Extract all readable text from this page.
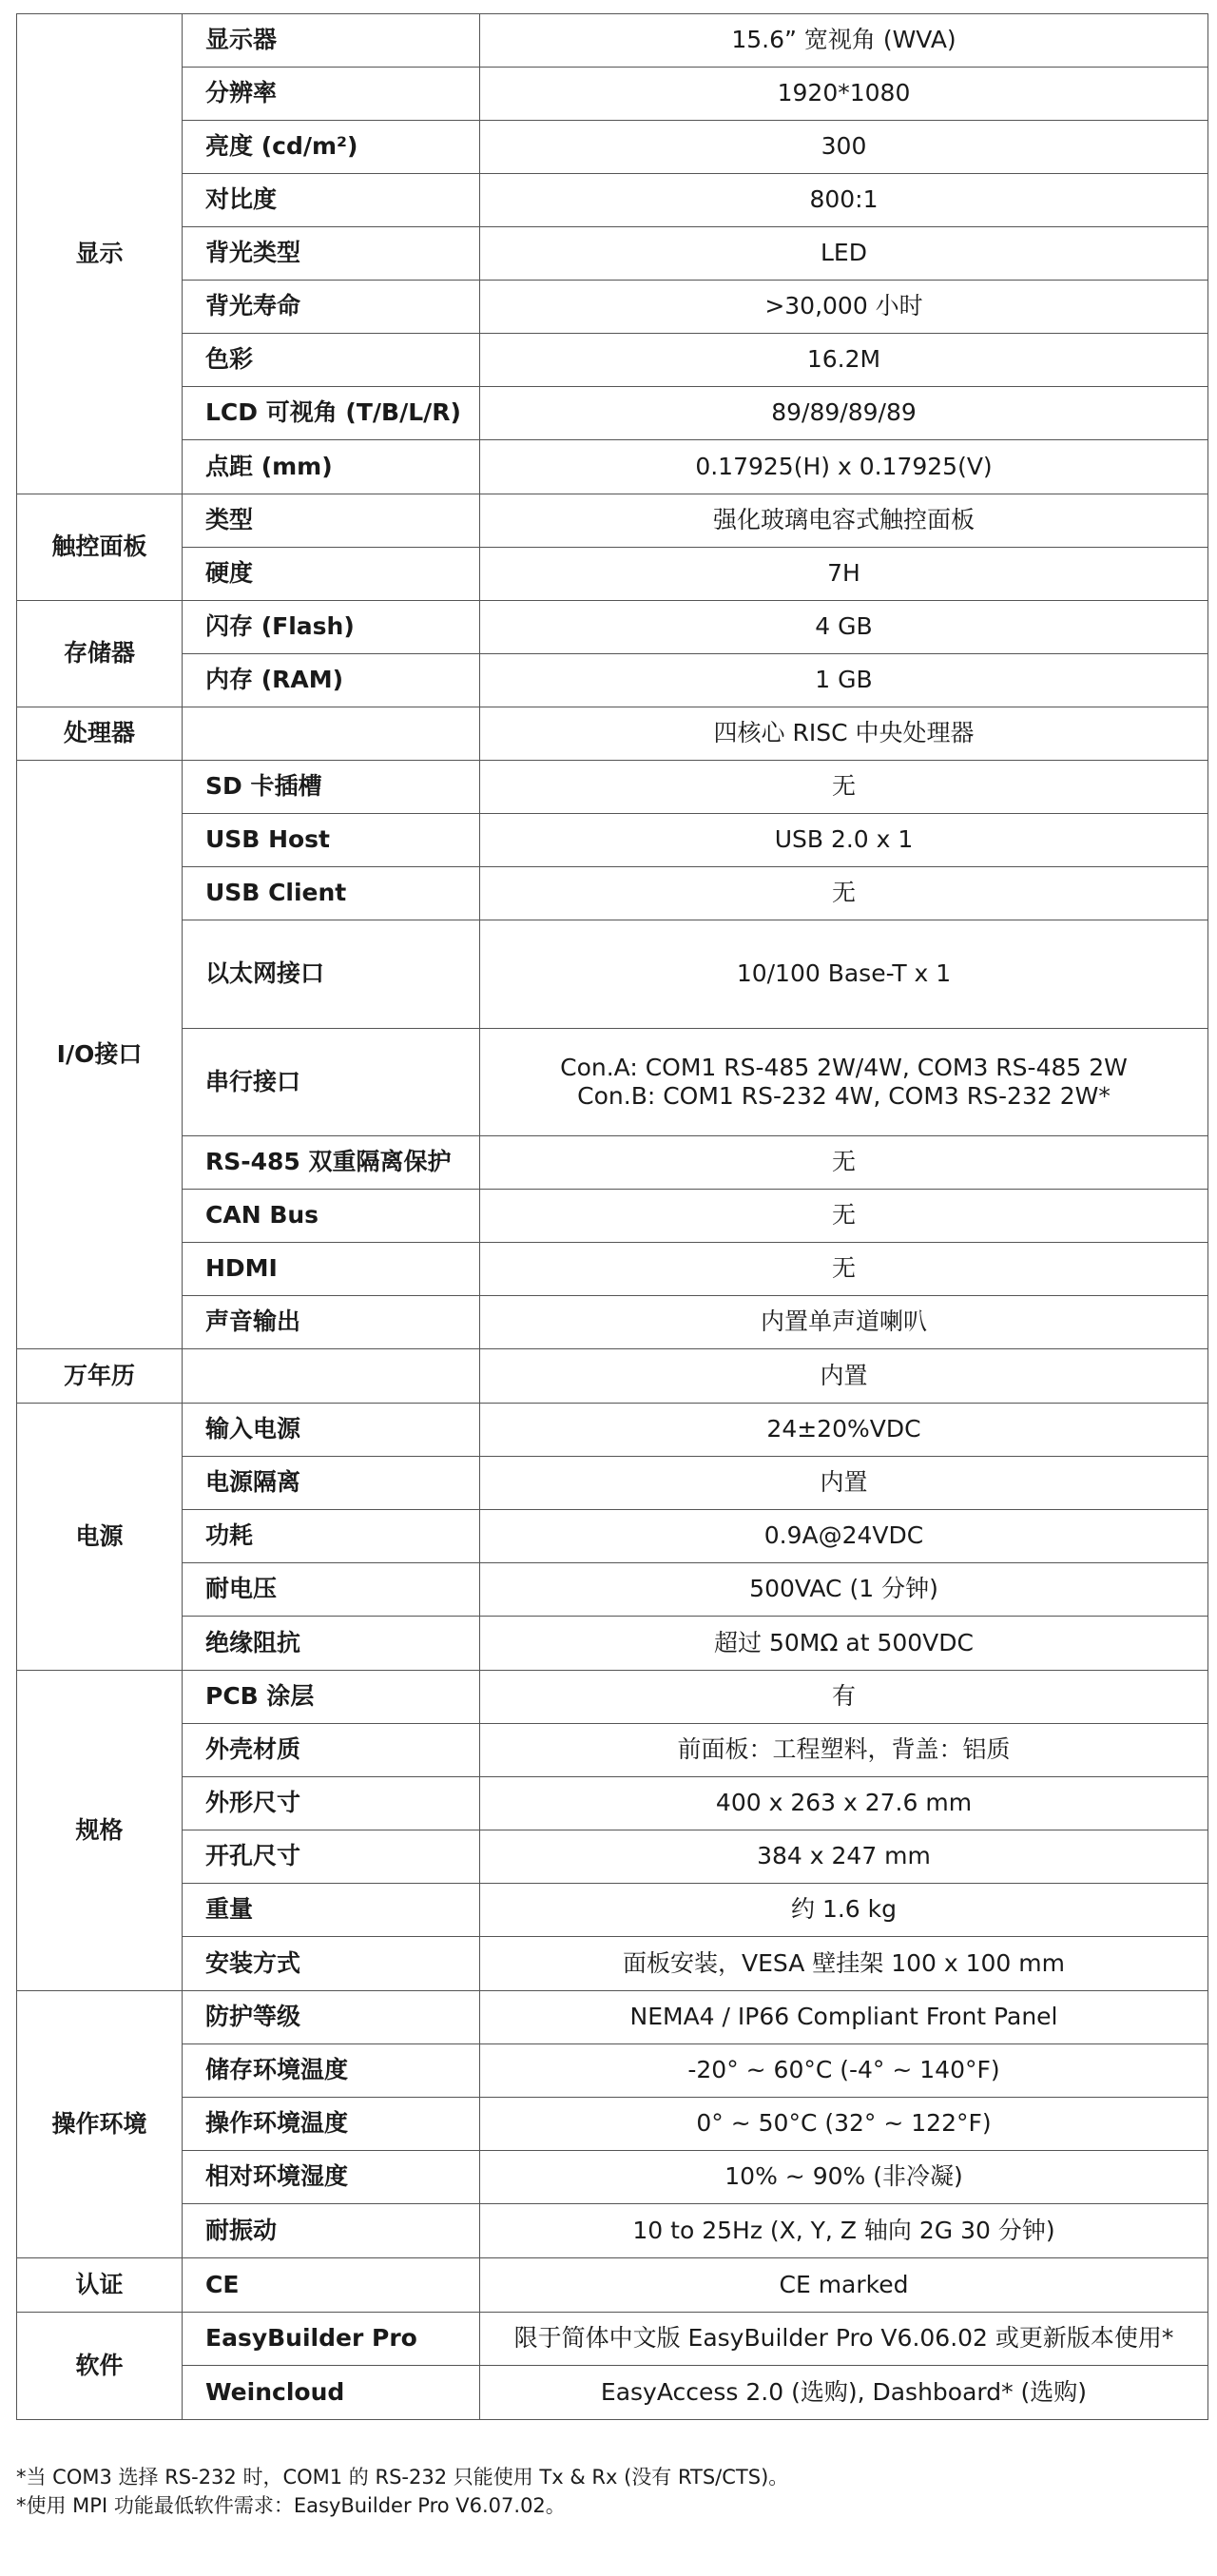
显示	显示器	15.6” 宽视角 (WVA)
	分辨率	1920*1080
	亮度 (cd/m²)	300
	对比度	800:1
	背光类型	LED
	背光寿命	>30,000 小时
	色彩	16.2M
	LCD 可视角 (T/B/L/R)	89/89/89/89
	点距 (mm)	0.17925(H) x 0.17925(V)
触控面板	类型	强化玻璃电容式触控面板
	硬度	7H
存储器	闪存 (Flash)	4 GB
	内存 (RAM)	1 GB
处理器		四核心 RISC 中央处理器
I/O接口	SD 卡插槽	无
	USB Host	USB 2.0 x 1
	USB Client	无
	以太网接口	10/100 Base-T x 1
	串行接口	Con.A: COM1 RS-485 2W/4W, COM3 RS-485 2W
Con.B: COM1 RS-232 4W, COM3 RS-232 2W*
	RS-485 双重隔离保护	无
	CAN Bus	无
	HDMI	无
	声音输出	内置单声道喇叭
万年历		内置
电源	输入电源	24±20%VDC
	电源隔离	内置
	功耗	0.9A@24VDC
	耐电压	500VAC (1 分钟)
	绝缘阻抗	超过 50MΩ at 500VDC
规格	PCB 涂层	有
	外壳材质	前面板：工程塑料，背盖：铝质
	外形尺寸	400 x 263 x 27.6 mm
	开孔尺寸	384 x 247 mm
	重量	约 1.6 kg
	安装方式	面板安装，VESA 壁挂架 100 x 100 mm
操作环境	防护等级	NEMA4 / IP66 Compliant Front Panel
	储存环境温度	-20° ~ 60°C (-4° ~ 140°F)
	操作环境温度	0° ~ 50°C (32° ~ 122°F)
	相对环境湿度	10% ~ 90% (非冷凝)
	耐振动	10 to 25Hz (X, Y, Z 轴向 2G 30 分钟)
认证	CE	CE marked
软件	EasyBuilder Pro	限于简体中文版 EasyBuilder Pro V6.06.02 或更新版本使用*
	Weincloud	EasyAccess 2.0 (选购), Dashboard* (选购)
*当 COM3 选择 RS-232 时，COM1 的 RS-232 只能使用 Tx & Rx (没有 RTS/CTS)。
*使用 MPI 功能最低软件需求：EasyBuilder Pro V6.07.02。
